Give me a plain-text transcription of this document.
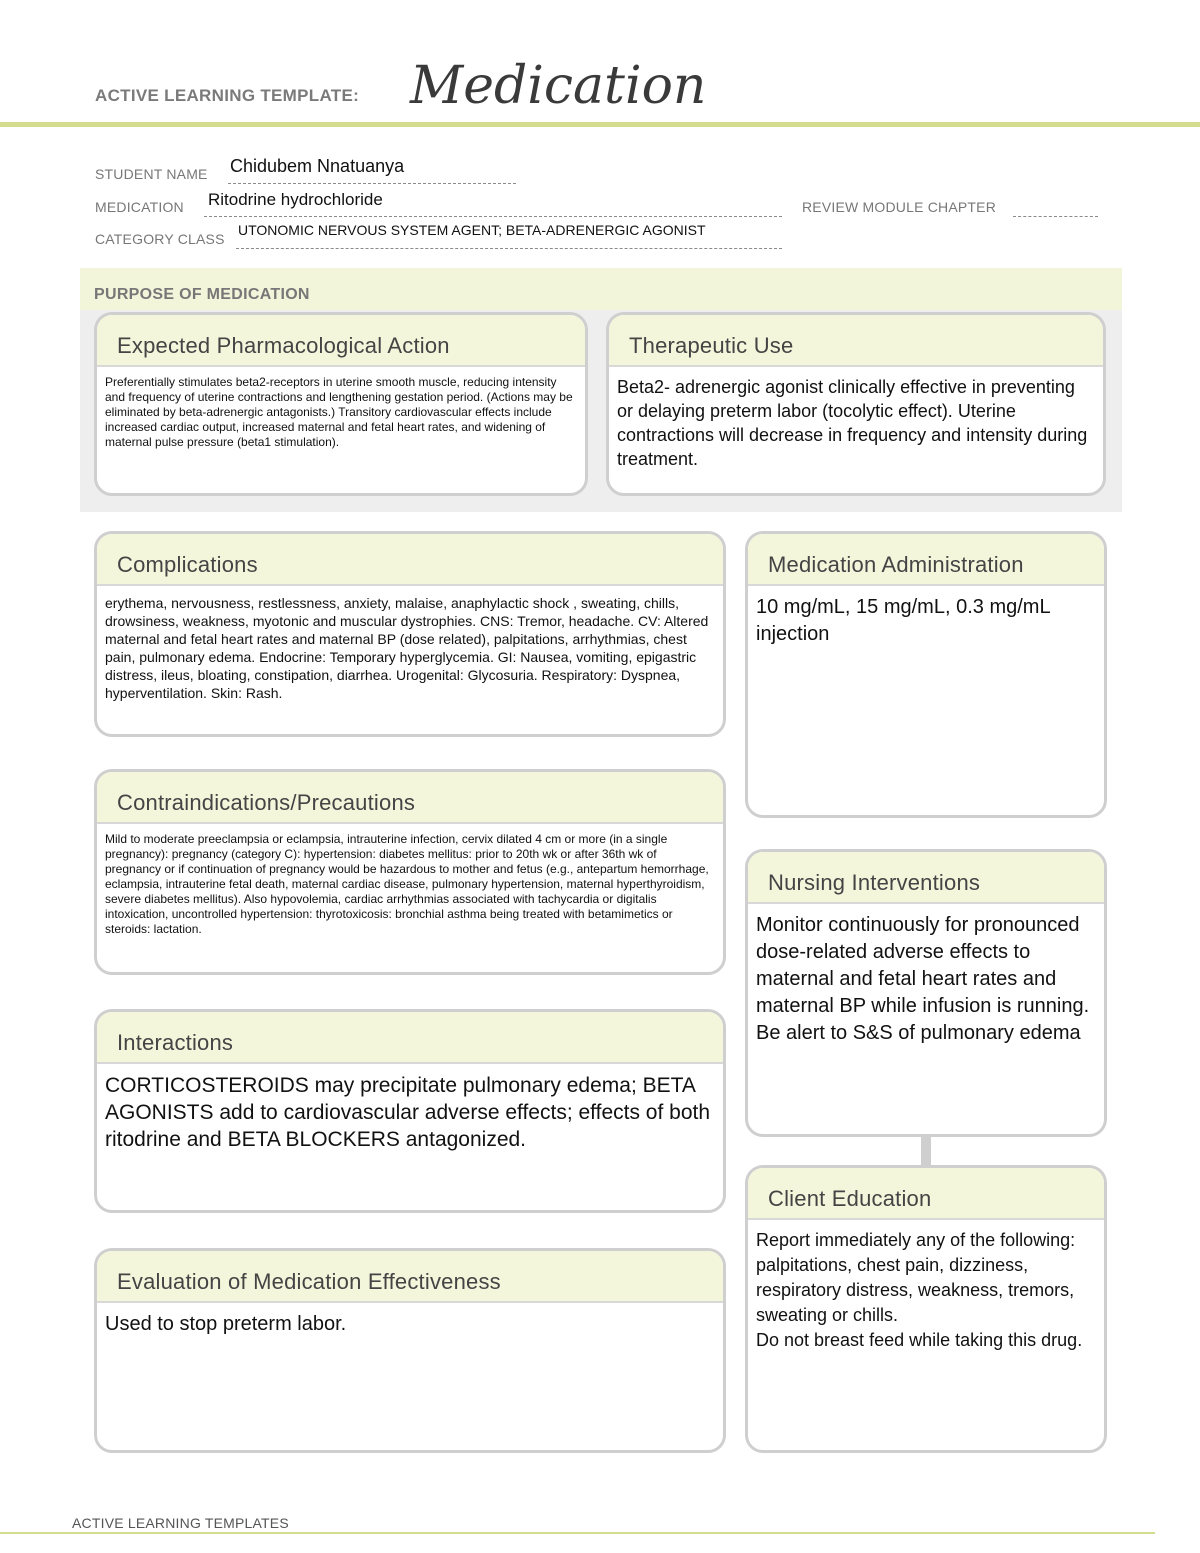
ACTIVE LEARNING TEMPLATE: Medication
STUDENT NAME Chidubem Nnatuanya
MEDICATION Ritodrine hydrochloride	REVIEW MODULE CHAPTER
CATEGORY CLASS
UTONOMIC NERVOUS SYSTEM AGENT; BETA-ADRENERGIC AGONIST
PURPOSE OF MEDICATION
Expected Pharmacological Action
Preferentially stimulates beta2-receptors in uterine smooth muscle, reducing intensity and frequency of uterine contractions and lengthening gestation period. (Actions may be eliminated by beta-adrenergic antagonists.) Transitory cardiovascular effects include increased cardiac output, increased maternal and fetal heart rates, and widening of maternal pulse pressure (beta1 stimulation).
Therapeutic Use
Beta2- adrenergic agonist clinically effective in preventing or delaying preterm labor (tocolytic effect). Uterine contractions will decrease in frequency and intensity during treatment.
Complications
erythema, nervousness, restlessness, anxiety, malaise, anaphylactic shock , sweating, chills, drowsiness, weakness, myotonic and muscular dystrophies. CNS: Tremor, headache. CV: Altered maternal and fetal heart rates and maternal BP (dose related), palpitations, arrhythmias, chest pain, pulmonary edema. Endocrine: Temporary hyperglycemia. GI: Nausea, vomiting, epigastric distress, ileus, bloating, constipation, diarrhea. Urogenital: Glycosuria. Respiratory: Dyspnea, hyperventilation. Skin: Rash.
Medication Administration
10 mg/mL, 15 mg/mL, 0.3 mg/mL injection
Contraindications/Precautions
Mild to moderate preeclampsia or eclampsia, intrauterine infection, cervix dilated 4 cm or more (in a single pregnancy): pregnancy (category C): hypertension: diabetes mellitus: prior to 20th wk or after 36th wk of pregnancy or if continuation of pregnancy would be hazardous to mother and fetus (e.g., antepartum hemorrhage, eclampsia, intrauterine fetal death, maternal cardiac disease, pulmonary hypertension, maternal hyperthyroidism, severe diabetes mellitus). Also hypovolemia, cardiac arrhythmias associated with tachycardia or digitalis intoxication, uncontrolled hypertension: thyrotoxicosis: bronchial asthma being treated with betamimetics or steroids: lactation.
Nursing Interventions
Monitor continuously for pronounced dose-related adverse effects to maternal and fetal heart rates and maternal BP while infusion is running.
Be alert to S&S of pulmonary edema
Interactions
CORTICOSTEROIDS may precipitate pulmonary edema; BETA AGONISTS add to cardiovascular adverse effects; effects of both ritodrine and BETA BLOCKERS antagonized.
Client Education
Report immediately any of the following: palpitations, chest pain, dizziness, respiratory distress, weakness, tremors, sweating or chills.
Do not breast feed while taking this drug.
Evaluation of Medication Effectiveness
Used to stop preterm labor.
ACTIVE LEARNING TEMPLATES
